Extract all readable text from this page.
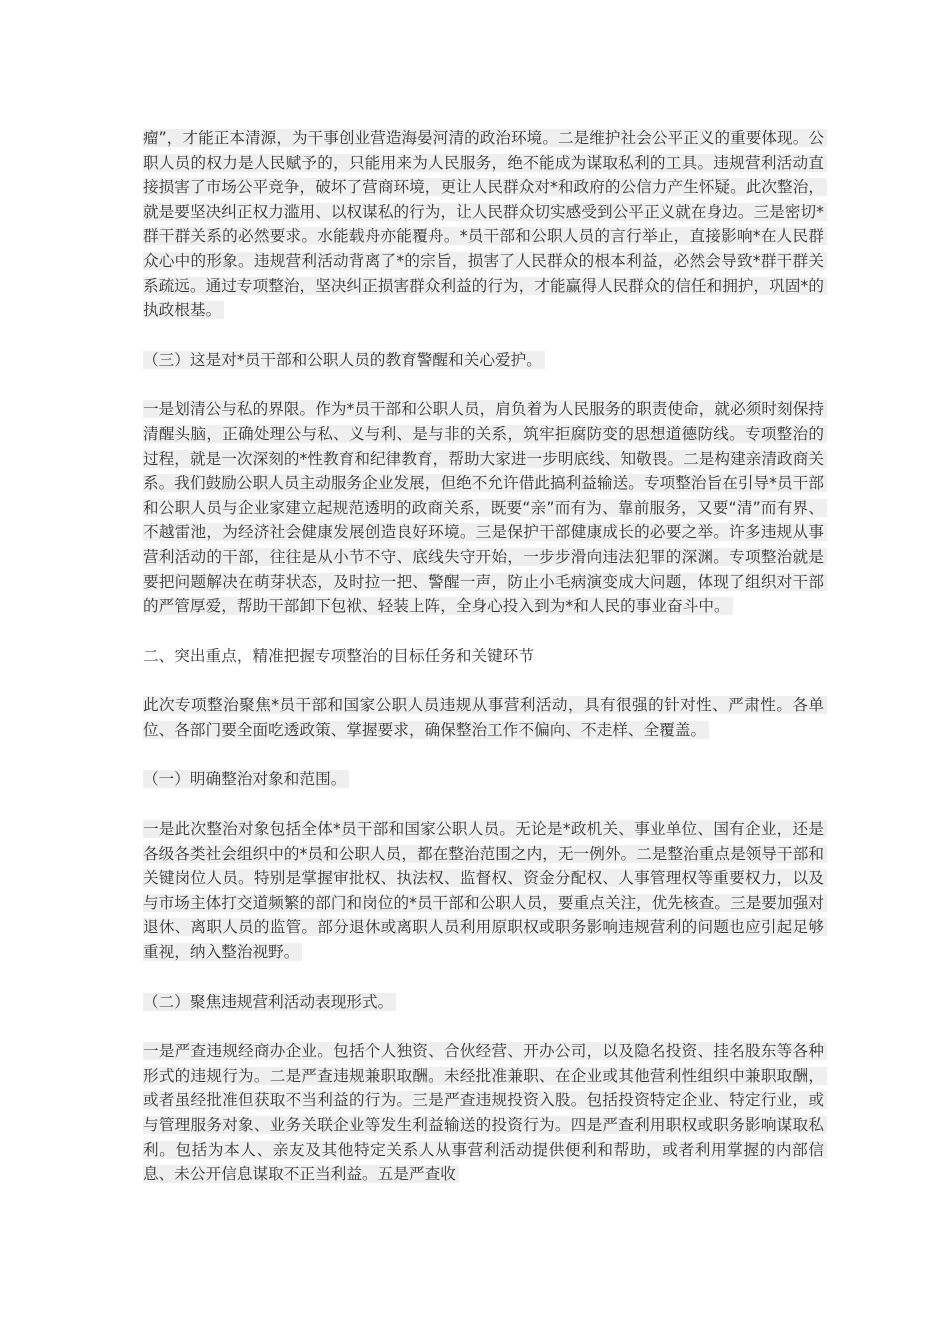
瘤”，才能正本清源，为干事创业营造海晏河清的政治环境。二是维护社会公平正义的重要体现。公职人员的权力是人民赋予的，只能用来为人民服务，绝不能成为谋取私利的工具。违规营利活动直接损害了市场公平竞争，破坏了营商环境，更让人民群众对*和政府的公信力产生怀疑。此次整治，就是要坚决纠正权力滥用、以权谋私的行为，让人民群众切实感受到公平正义就在身边。三是密切*群干群关系的必然要求。水能载舟亦能覆舟。*员干部和公职人员的言行举止，直接影响*在人民群众心中的形象。违规营利活动背离了*的宗旨，损害了人民群众的根本利益，必然会导致*群干群关系疏远。通过专项整治，坚决纠正损害群众利益的行为，才能赢得人民群众的信任和拥护，巩固*的执政根基。

（三）这是对*员干部和公职人员的教育警醒和关心爱护。

一是划清公与私的界限。作为*员干部和公职人员，肩负着为人民服务的职责使命，就必须时刻保持清醒头脑，正确处理公与私、义与利、是与非的关系，筑牢拒腐防变的思想道德防线。专项整治的过程，就是一次深刻的*性教育和纪律教育，帮助大家进一步明底线、知敬畏。二是构建亲清政商关系。我们鼓励公职人员主动服务企业发展，但绝不允许借此搞利益输送。专项整治旨在引导*员干部和公职人员与企业家建立起规范透明的政商关系，既要“亲”而有为、靠前服务，又要“清”而有界、不越雷池，为经济社会健康发展创造良好环境。三是保护干部健康成长的必要之举。许多违规从事营利活动的干部，往往是从小节不守、底线失守开始，一步步滑向违法犯罪的深渊。专项整治就是要把问题解决在萌芽状态，及时拉一把、警醒一声，防止小毛病演变成大问题，体现了组织对干部的严管厚爱，帮助干部卸下包袱、轻装上阵，全身心投入到为*和人民的事业奋斗中。

二、突出重点，精准把握专项整治的目标任务和关键环节

此次专项整治聚焦*员干部和国家公职人员违规从事营利活动，具有很强的针对性、严肃性。各单位、各部门要全面吃透政策、掌握要求，确保整治工作不偏向、不走样、全覆盖。

（一）明确整治对象和范围。

一是此次整治对象包括全体*员干部和国家公职人员。无论是*政机关、事业单位、国有企业，还是各级各类社会组织中的*员和公职人员，都在整治范围之内，无一例外。二是整治重点是领导干部和关键岗位人员。特别是掌握审批权、执法权、监督权、资金分配权、人事管理权等重要权力，以及与市场主体打交道频繁的部门和岗位的*员干部和公职人员，要重点关注，优先核查。三是要加强对退休、离职人员的监管。部分退休或离职人员利用原职权或职务影响违规营利的问题也应引起足够重视，纳入整治视野。

（二）聚焦违规营利活动表现形式。

一是严查违规经商办企业。包括个人独资、合伙经营、开办公司，以及隐名投资、挂名股东等各种形式的违规行为。二是严查违规兼职取酬。未经批准兼职、在企业或其他营利性组织中兼职取酬，或者虽经批准但获取不当利益的行为。三是严查违规投资入股。包括投资特定企业、特定行业，或与管理服务对象、业务关联企业等发生利益输送的投资行为。四是严查利用职权或职务影响谋取私利。包括为本人、亲友及其他特定关系人从事营利活动提供便利和帮助，或者利用掌握的内部信息、未公开信息谋取不正当利益。五是严查收
